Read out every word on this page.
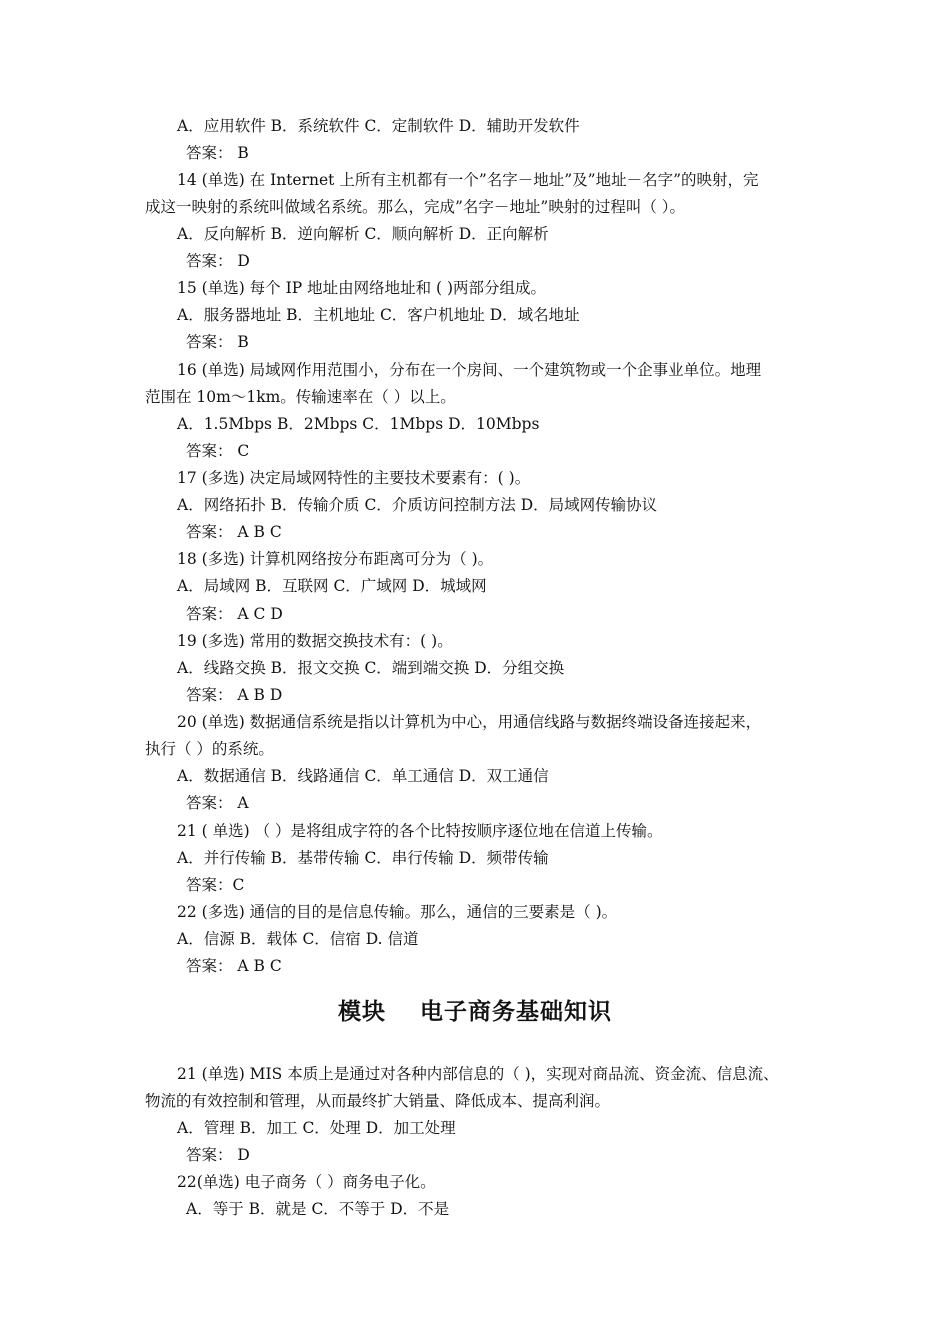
A．应用软件 B．系统软件 C．定制软件 D．辅助开发软件
答案： B
14 (单选) 在 Internet 上所有主机都有一个”名字－地址”及”地址－名字”的映射，完
成这一映射的系统叫做域名系统。那么，完成”名字－地址”映射的过程叫（ ）。
A．反向解析 B．逆向解析 C．顺向解析 D．正向解析
答案： D
15 (单选) 每个 IP 地址由网络地址和 ( )两部分组成。
A．服务器地址 B．主机地址 C．客户机地址 D．域名地址
答案： B
16 (单选) 局域网作用范围小，分布在一个房间、一个建筑物或一个企事业单位。地理
范围在 10m～1km。传输速率在（ ）以上。
A．1.5Mbps B．2Mbps C．1Mbps D．10Mbps
答案： C
17 (多选) 决定局域网特性的主要技术要素有：( )。
A．网络拓扑 B．传输介质 C．介质访问控制方法 D．局域网传输协议
答案： A B C
18 (多选) 计算机网络按分布距离可分为（ )。
A．局域网 B．互联网 C．广域网 D．城域网
答案： A C D
19 (多选) 常用的数据交换技术有：( )。
A．线路交换 B．报文交换 C．端到端交换 D．分组交换
答案： A B D
20 (单选) 数据通信系统是指以计算机为中心，用通信线路与数据终端设备连接起来，
执行（ ）的系统。
A．数据通信 B．线路通信 C．单工通信 D．双工通信
答案： A
21 ( 单选) （ ）是将组成字符的各个比特按顺序逐位地在信道上传输。
A．并行传输 B．基带传输 C．串行传输 D．频带传输
答案：C
22 (多选) 通信的目的是信息传输。那么，通信的三要素是（ )。
A．信源 B．载体 C．信宿 D. 信道
答案： A B C
模块 电子商务基础知识
21 (单选) MIS 本质上是通过对各种内部信息的（ )，实现对商品流、资金流、信息流、
物流的有效控制和管理，从而最终扩大销量、降低成本、提高利润。
A．管理 B．加工 C．处理 D．加工处理
答案： D
22(单选) 电子商务（ ）商务电子化。
A．等于 B．就是 C．不等于 D．不是
